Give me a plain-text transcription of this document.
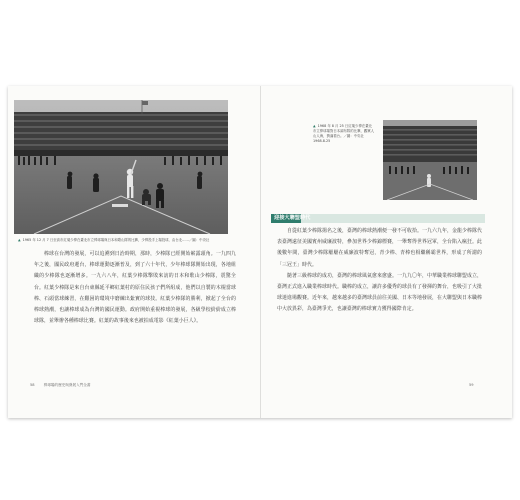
▲ 1965 年 12 月 7 日至高市紅葉少棒在臺北市立棒球場與日本和歌山隊的比賽，少棒投手上場投球，由台北……／圖：中央社

棒球在台灣的發展，可以追溯到日治時期，那時，少棒隊已經開始嶄露頭角。一九四九年之後，國民政府遷台，棒球運動逐漸普及，到了六十年代，少年棒球隊開始出現，各地組織的少棒隊也逐漸增多。一九六八年，紅葉少棒隊擊敗來訪的日本和歌山少棒隊，震驚全台。紅葉少棒隊是來自台東縣延平鄉紅葉村的原住民孩子們所組成，他們以自製的木棍當球棒、石頭當球練習，在艱困的環境中磨練出紮實的球技。紅葉少棒隊的勝利，掀起了全台的棒球熱潮，也讓棒球成為台灣的國民運動。政府開始重視棒球的發展，各級學校紛紛成立棒球隊，並舉辦各種棒球比賽。紅葉的故事後來也被拍成電影《紅葉小巨人》。

58	棒球場的歷史與發展入門全書
▲ 1968 年 8 月 25 日紅葉少棒在臺北市立棒球場對日本調布隊的比賽，觀眾人山人海，擠滿看台。／圖：中央社 1968.8.25
迎接大聯盟時代

自從紅葉少棒隊揚名之後，臺灣的棒球熱潮便一發不可收拾。一九六九年，金龍少棒隊代表臺灣遠征美國賓州威廉波特，參加世界少棒錦標賽，一舉奪得世界冠軍，全台陷入瘋狂。此後數年間，臺灣少棒隊屢屢在威廉波特奪冠，青少棒、青棒也相繼稱霸世界，形成了所謂的「三冠王」時代。

隨著三級棒球的成功，臺灣的棒球風氣愈來愈盛。一九九〇年，中華職業棒球聯盟成立，臺灣正式進入職業棒球時代。職棒的成立，讓許多優秀的球員有了發揮的舞台，也吸引了大批球迷進場觀賽。近年來，越來越多的臺灣球員前往美國、日本等地發展，在大聯盟與日本職棒中大放異彩，為臺灣爭光，也讓臺灣的棒球實力獲得國際肯定。

59
